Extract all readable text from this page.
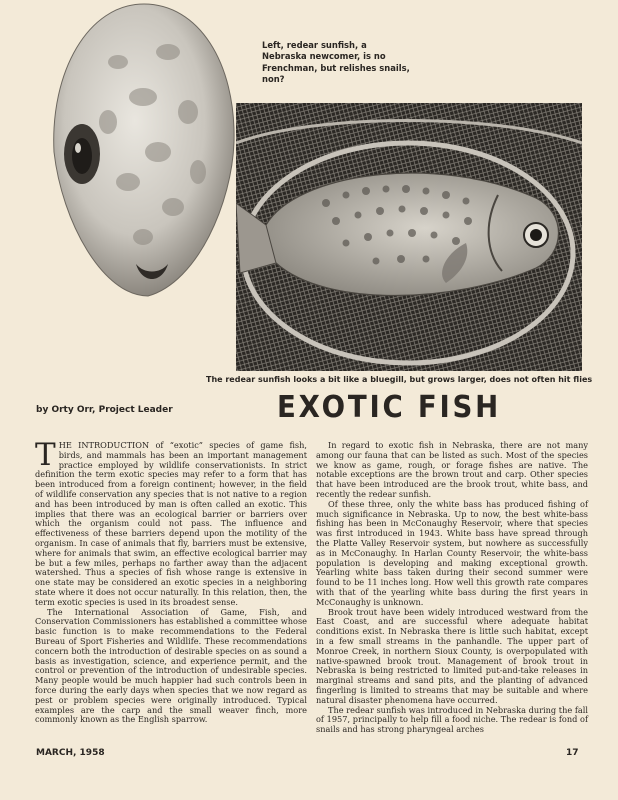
Left, redear sunfish, a Nebraska newcomer, is no Frenchman, but relishes snails, non?

The redear sunfish looks a bit like a bluegill, but grows larger, does not often hit flies

by Orty Orr, Project Leader	EXOTIC FISH

THE INTRODUCTION of “exotic” species of game fish, birds, and mammals has been an important management practice employed by wildlife conservationists. In strict definition the term exotic species may refer to a form that has been introduced from a foreign continent; however, in the field of wildlife conservation any species that is not native to a region and has been introduced by man is often called an exotic. This implies that there was an ecological barrier or barriers over which the organism could not pass. The influence and effectiveness of these barriers depend upon the motility of the organism. In case of animals that fly, barriers must be extensive, where for animals that swim, an effective ecological barrier may be but a few miles, perhaps no farther away than the adjacent watershed. Thus a species of fish whose range is extensive in one state may be considered an exotic species in a neighboring state where it does not occur naturally. In this relation, then, the term exotic species is used in its broadest sense.

The International Association of Game, Fish, and Conservation Commissioners has established a committee whose basic function is to make recommendations to the Federal Bureau of Sport Fisheries and Wildlife. These recommendations concern both the introduction of desirable species on as sound a basis as investigation, science, and experience permit, and the control or prevention of the introduction of undesirable species. Many people would be much happier had such controls been in force during the early days when species that we now regard as pest or problem species were originally introduced. Typical examples are the carp and the small weaver finch, more commonly known as the English sparrow.

In regard to exotic fish in Nebraska, there are not many among our fauna that can be listed as such. Most of the species we know as game, rough, or forage fishes are native. The notable exceptions are the brown trout and carp. Other species that have been introduced are the brook trout, white bass, and recently the redear sunfish.

Of these three, only the white bass has produced fishing of much significance in Nebraska. Up to now, the best white-bass fishing has been in McConaughy Reservoir, where that species was first introduced in 1943. White bass have spread through the Platte Valley Reservoir system, but nowhere as successfully as in McConaughy. In Harlan County Reservoir, the white-bass population is developing and making exceptional growth. Yearling white bass taken during their second summer were found to be 11 inches long. How well this growth rate compares with that of the yearling white bass during the first years in McConaughy is unknown.

Brook trout have been widely introduced westward from the East Coast, and are successful where adequate habitat conditions exist. In Nebraska there is little such habitat, except in a few small streams in the panhandle. The upper part of Monroe Creek, in northern Sioux County, is overpopulated with native-spawned brook trout. Management of brook trout in Nebraska is being restricted to limited put-and-take releases in marginal streams and sand pits, and the planting of advanced fingerling is limited to streams that may be suitable and where natural disaster phenomena have occurred.

The redear sunfish was introduced in Nebraska during the fall of 1957, principally to help fill a food niche. The redear is fond of snails and has strong pharyngeal arches

MARCH, 1958	17
